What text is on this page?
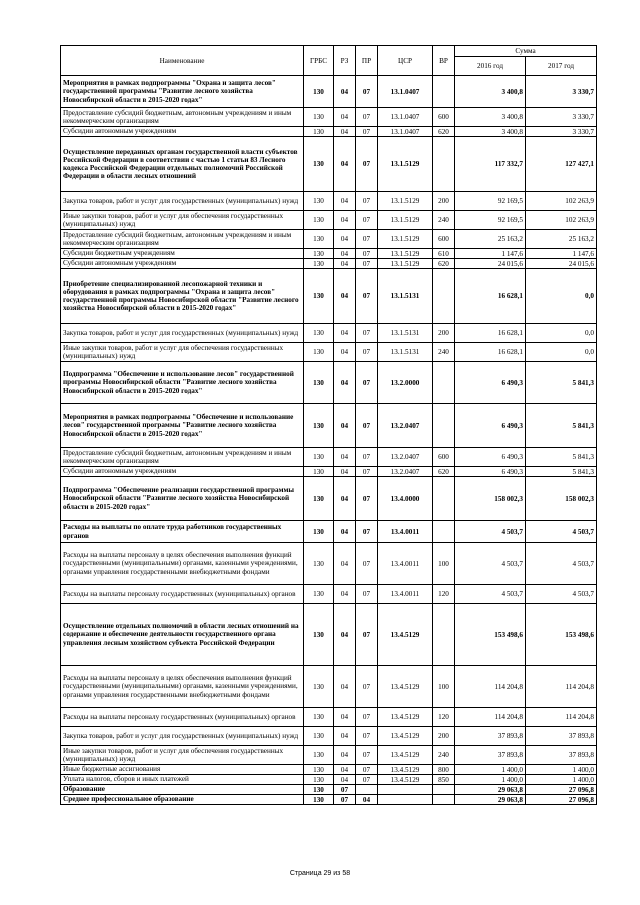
Наименование	ГРБС	РЗ	ПР	ЦСР	ВР	Сумма	
						2016 год	2017 год
Мероприятия в рамках подпрограммы "Охрана и защита лесов" государственной программы "Развитие лесного хозяйства Новосибирской области в 2015-2020 годах"	130	04	07	13.1.0407		3 400,8	3 330,7
Предоставление субсидий бюджетным, автономным учреждениям и иным некоммерческим организациям	130	04	07	13.1.0407	600	3 400,8	3 330,7
Субсидии автономным учреждениям	130	04	07	13.1.0407	620	3 400,8	3 330,7
Осуществление переданных органам государственной власти субъектов Российской Федерации в соответствии с частью 1 статьи 83 Лесного кодекса Российской Федерации отдельных полномочий Российской Федерации в области лесных отношений	130	04	07	13.1.5129		117 332,7	127 427,1
Закупка товаров, работ и услуг для государственных (муниципальных) нужд	130	04	07	13.1.5129	200	92 169,5	102 263,9
Иные закупки товаров, работ и услуг для обеспечения государственных (муниципальных) нужд	130	04	07	13.1.5129	240	92 169,5	102 263,9
Предоставление субсидий бюджетным, автономным учреждениям и иным некоммерческим организациям	130	04	07	13.1.5129	600	25 163,2	25 163,2
Субсидии бюджетным учреждениям	130	04	07	13.1.5129	610	1 147,6	1 147,6
Субсидии автономным учреждениям	130	04	07	13.1.5129	620	24 015,6	24 015,6
Приобретение специализированной лесопожарной техники и оборудования в рамках подпрограммы "Охрана и защита лесов" государственной программы Новосибирской области "Развитие лесного хозяйства Новосибирской области в 2015-2020 годах"	130	04	07	13.1.5131		16 628,1	0,0
Закупка товаров, работ и услуг для государственных (муниципальных) нужд	130	04	07	13.1.5131	200	16 628,1	0,0
Иные закупки товаров, работ и услуг для обеспечения государственных (муниципальных) нужд	130	04	07	13.1.5131	240	16 628,1	0,0
Подпрограмма "Обеспечение и использование лесов" государственной программы Новосибирской области "Развитие лесного хозяйства Новосибирской области в 2015-2020 годах"	130	04	07	13.2.0000		6 490,3	5 841,3
Мероприятия в рамках подпрограммы "Обеспечение и использование лесов" государственной программы "Развитие лесного хозяйства Новосибирской области в 2015-2020 годах"	130	04	07	13.2.0407		6 490,3	5 841,3
Предоставление субсидий бюджетным, автономным учреждениям и иным некоммерческим организациям	130	04	07	13.2.0407	600	6 490,3	5 841,3
Субсидии автономным учреждениям	130	04	07	13.2.0407	620	6 490,3	5 841,3
Подпрограмма "Обеспечение реализации государственной программы Новосибирской области "Развитие лесного хозяйства Новосибирской области в 2015-2020 годах"	130	04	07	13.4.0000		158 002,3	158 002,3
Расходы на выплаты по оплате труда работников государственных органов	130	04	07	13.4.0011		4 503,7	4 503,7
Расходы на выплаты персоналу в целях обеспечения выполнения функций государственными (муниципальными) органами, казенными учреждениями, органами управления государственными внебюджетными фондами	130	04	07	13.4.0011	100	4 503,7	4 503,7
Расходы на выплаты персоналу государственных (муниципальных) органов	130	04	07	13.4.0011	120	4 503,7	4 503,7
Осуществление отдельных полномочий в области лесных отношений на содержание и обеспечение деятельности государственного органа управления лесным хозяйством субъекта Российской Федерации	130	04	07	13.4.5129		153 498,6	153 498,6
Расходы на выплаты персоналу в целях обеспечения выполнения функций государственными (муниципальными) органами, казенными учреждениями, органами управления государственными внебюджетными фондами	130	04	07	13.4.5129	100	114 204,8	114 204,8
Расходы на выплаты персоналу государственных (муниципальных) органов	130	04	07	13.4.5129	120	114 204,8	114 204,8
Закупка товаров, работ и услуг для государственных (муниципальных) нужд	130	04	07	13.4.5129	200	37 893,8	37 893,8
Иные закупки товаров, работ и услуг для обеспечения государственных (муниципальных) нужд	130	04	07	13.4.5129	240	37 893,8	37 893,8
Иные бюджетные ассигнования	130	04	07	13.4.5129	800	1 400,0	1 400,0
Уплата налогов, сборов и иных платежей	130	04	07	13.4.5129	850	1 400,0	1 400,0
Образование	130	07				29 063,8	27 096,8
Среднее профессиональное образование	130	07	04			29 063,8	27 096,8
Страница 29 из 58
